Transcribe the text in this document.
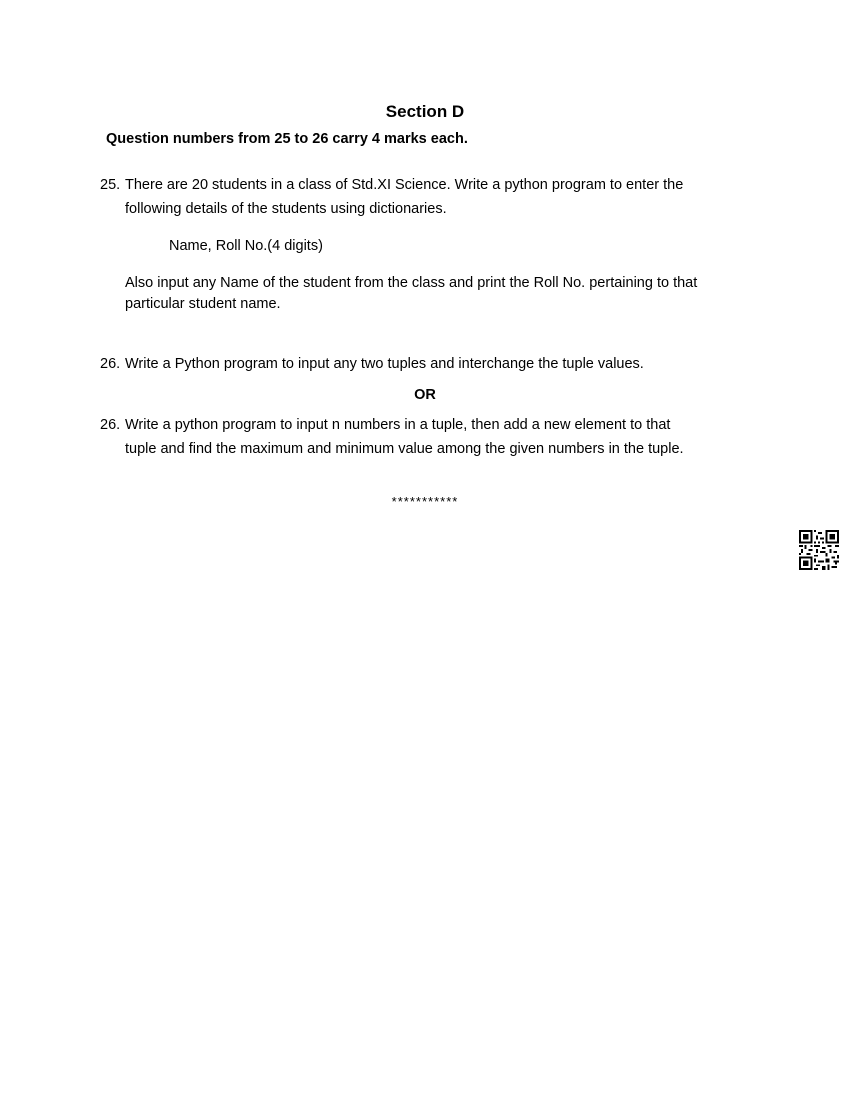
Section D
Question numbers from 25 to 26 carry 4 marks each.
25. There are 20 students in a class of Std.XI Science. Write a python program to enter the
following details of the students using dictionaries.
Name, Roll No.(4 digits)
Also input any Name of the student from the class and print the Roll No. pertaining to that
particular student name.
26. Write a Python program to input any two tuples and interchange the tuple values.
OR
26. Write a python program to input n numbers in a tuple, then add a new element to that
tuple and find the maximum and minimum value among the given numbers in the tuple.
***********
